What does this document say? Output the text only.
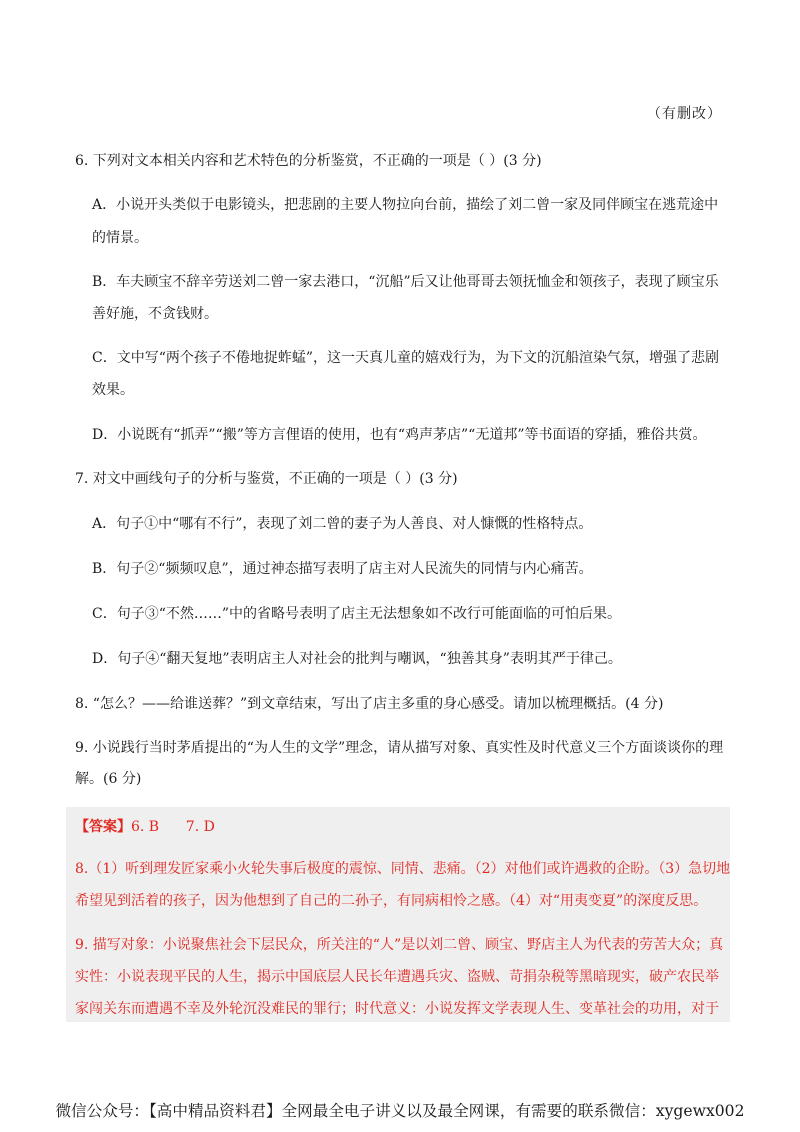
（有删改）
6. 下列对文本相关内容和艺术特色的分析鉴赏，不正确的一项是（ ）(3 分)
A．小说开头类似于电影镜头，把悲剧的主要人物拉向台前，描绘了刘二曾一家及同伴顾宝在逃荒途中
的情景。
B．车夫顾宝不辞辛劳送刘二曾一家去港口，“沉船”后又让他哥哥去领抚恤金和领孩子，表现了顾宝乐
善好施，不贪钱财。
C．文中写“两个孩子不倦地捉蚱蜢”，这一天真儿童的嬉戏行为，为下文的沉船渲染气氛，增强了悲剧
效果。
D．小说既有“抓弄”“搬”等方言俚语的使用，也有“鸡声茅店”“无道邦”等书面语的穿插，雅俗共赏。
7. 对文中画线句子的分析与鉴赏，不正确的一项是（ ）(3 分)
A．句子①中“哪有不行”，表现了刘二曾的妻子为人善良、对人慷慨的性格特点。
B．句子②“频频叹息”，通过神态描写表明了店主对人民流失的同情与内心痛苦。
C．句子③“不然……”中的省略号表明了店主无法想象如不改行可能面临的可怕后果。
D．句子④“翻天复地”表明店主人对社会的批判与嘲讽，“独善其身”表明其严于律己。
8. “怎么？——给谁送葬？”到文章结束，写出了店主多重的身心感受。请加以梳理概括。(4 分)
9. 小说践行当时茅盾提出的“为人生的文学”理念，请从描写对象、真实性及时代意义三个方面谈谈你的理
解。(6 分)
【答案】6. B      7. D
8.（1）听到理发匠家乘小火轮失事后极度的震惊、同情、悲痛。（2）对他们或许遇救的企盼。（3）急切地
希望见到活着的孩子，因为他想到了自己的二孙子，有同病相怜之感。（4）对“用夷变夏”的深度反思。
9. 描写对象：小说聚焦社会下层民众，所关注的“人”是以刘二曾、顾宝、野店主人为代表的劳苦大众；真
实性：小说表现平民的人生，揭示中国底层人民长年遭遇兵灾、盗贼、苛捐杂税等黑暗现实，破产农民举
家闯关东而遭遇不幸及外轮沉没难民的罪行；时代意义：小说发挥文学表现人生、变革社会的功用，对于
微信公众号：【高中精品资料君】全网最全电子讲义以及最全网课，有需要的联系微信：xygewx002
